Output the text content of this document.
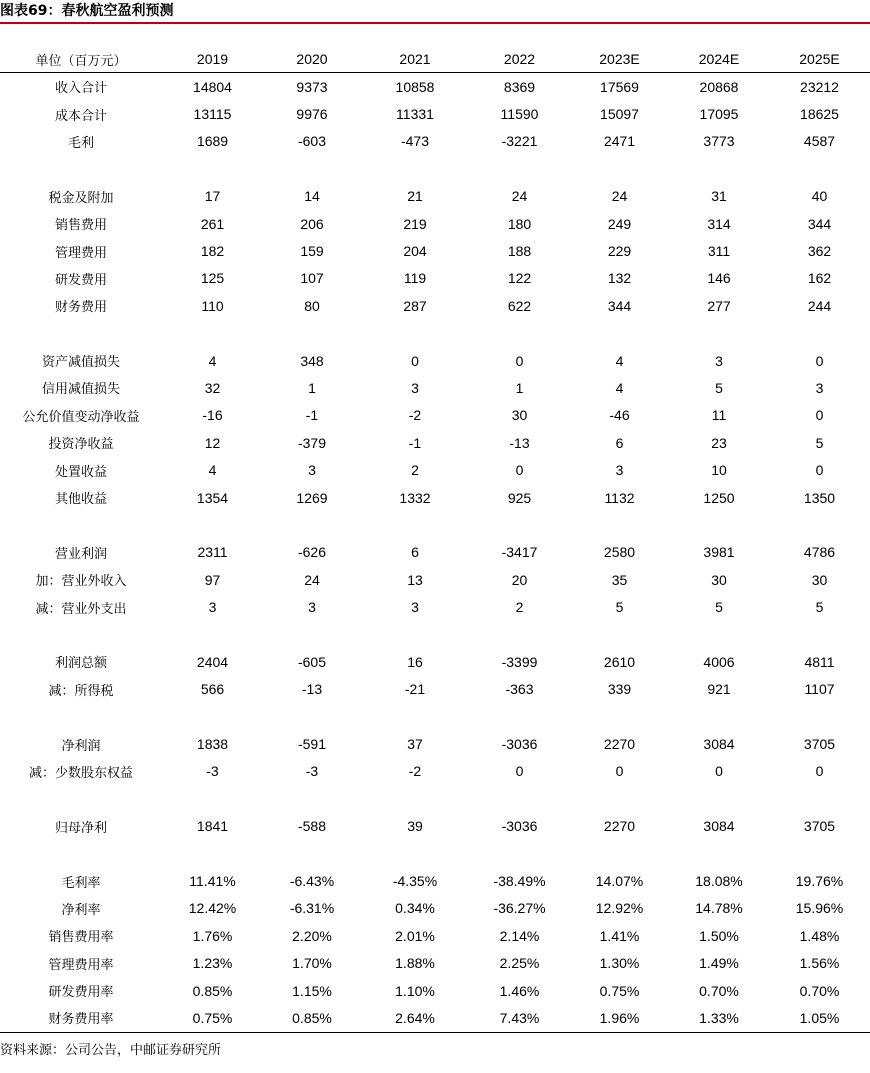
图表69：春秋航空盈利预测
单位（百万元）	2019	2020	2021	2022	2023E	2024E	2025E
收入合计	14804	9373	10858	8369	17569	20868	23212
成本合计	13115	9976	11331	11590	15097	17095	18625
毛利	1689	-603	-473	-3221	2471	3773	4587

税金及附加	17	14	21	24	24	31	40
销售费用	261	206	219	180	249	314	344
管理费用	182	159	204	188	229	311	362
研发费用	125	107	119	122	132	146	162
财务费用	110	80	287	622	344	277	244

资产减值损失	4	348	0	0	4	3	0
信用减值损失	32	1	3	1	4	5	3
公允价值变动净收益	-16	-1	-2	30	-46	11	0
投资净收益	12	-379	-1	-13	6	23	5
处置收益	4	3	2	0	3	10	0
其他收益	1354	1269	1332	925	1132	1250	1350

营业利润	2311	-626	6	-3417	2580	3981	4786
加：营业外收入	97	24	13	20	35	30	30
减：营业外支出	3	3	3	2	5	5	5

利润总额	2404	-605	16	-3399	2610	4006	4811
减：所得税	566	-13	-21	-363	339	921	1107

净利润	1838	-591	37	-3036	2270	3084	3705
减：少数股东权益	-3	-3	-2	0	0	0	0

归母净利	1841	-588	39	-3036	2270	3084	3705

毛利率	11.41%	-6.43%	-4.35%	-38.49%	14.07%	18.08%	19.76%
净利率	12.42%	-6.31%	0.34%	-36.27%	12.92%	14.78%	15.96%
销售费用率	1.76%	2.20%	2.01%	2.14%	1.41%	1.50%	1.48%
管理费用率	1.23%	1.70%	1.88%	2.25%	1.30%	1.49%	1.56%
研发费用率	0.85%	1.15%	1.10%	1.46%	0.75%	0.70%	0.70%
财务费用率	0.75%	0.85%	2.64%	7.43%	1.96%	1.33%	1.05%
资料来源：公司公告，中邮证券研究所
